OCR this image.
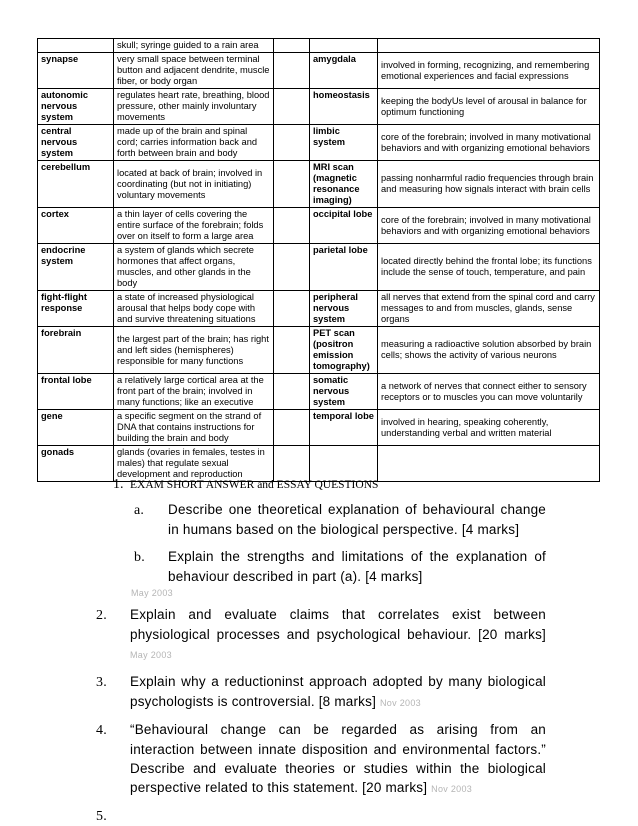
	skull; syringe guided to a rain area			
synapse	very small space between terminal button and adjacent dendrite, muscle fiber, or body organ		amygdala	involved in forming, recognizing, and remembering emotional experiences and facial expressions
autonomic nervous system	regulates heart rate, breathing, blood pressure, other mainly involuntary movements		homeostasis	keeping the bodyUs level of arousal in balance for optimum functioning
central nervous system	made up of the brain and spinal cord; carries information back and forth between brain and body		limbic system	core of the forebrain; involved in many motivational behaviors and with organizing emotional behaviors
cerebellum	located at back of brain; involved in coordinating (but not in initiating) voluntary movements		MRI scan (magnetic resonance imaging)	passing nonharmful radio frequencies through brain and measuring how signals interact with brain cells
cortex	a thin layer of cells covering the entire surface of the forebrain; folds over on itself to form a large area		occipital lobe	core of the forebrain; involved in many motivational behaviors and with organizing emotional behaviors
endocrine system	a system of glands which secrete hormones that affect organs, muscles, and other glands in the body		parietal lobe	located directly behind the frontal lobe; its functions include the sense of touch, temperature, and pain
fight-flight response	a state of increased physiological arousal that helps body cope with and survive threatening situations		peripheral nervous system	all nerves that extend from the spinal cord and carry messages to and from muscles, glands, sense organs
forebrain	the largest part of the brain; has right and left sides (hemispheres) responsible for many functions		PET scan (positron emission tomography)	measuring a radioactive solution absorbed by brain cells; shows the activity of various neurons
frontal lobe	a relatively large cortical area at the front part of the brain; involved in many functions; like an executive		somatic nervous system	a network of nerves that connect either to sensory receptors or to muscles you can move voluntarily
gene	a specific segment on the strand of DNA that contains instructions for building the brain and body		temporal lobe	involved in hearing, speaking coherently, understanding verbal and written material
gonads	glands (ovaries in females, testes in males) that regulate sexual development and reproduction			
1. EXAM SHORT ANSWER and ESSAY QUESTIONS
a. Describe one theoretical explanation of behavioural change in humans based on the biological perspective. [4 marks]
b. Explain the strengths and limitations of the explanation of behaviour described in part (a). [4 marks]
May 2003
2. Explain and evaluate claims that correlates exist between physiological processes and psychological behaviour. [20 marks] May 2003
3. Explain why a reductioninst approach adopted by many biological psychologists is controversial. [8 marks] Nov 2003
4. “Behavioural change can be regarded as arising from an interaction between innate disposition and environmental factors.” Describe and evaluate theories or studies within the biological perspective related to this statement. [20 marks] Nov 2003
5.
